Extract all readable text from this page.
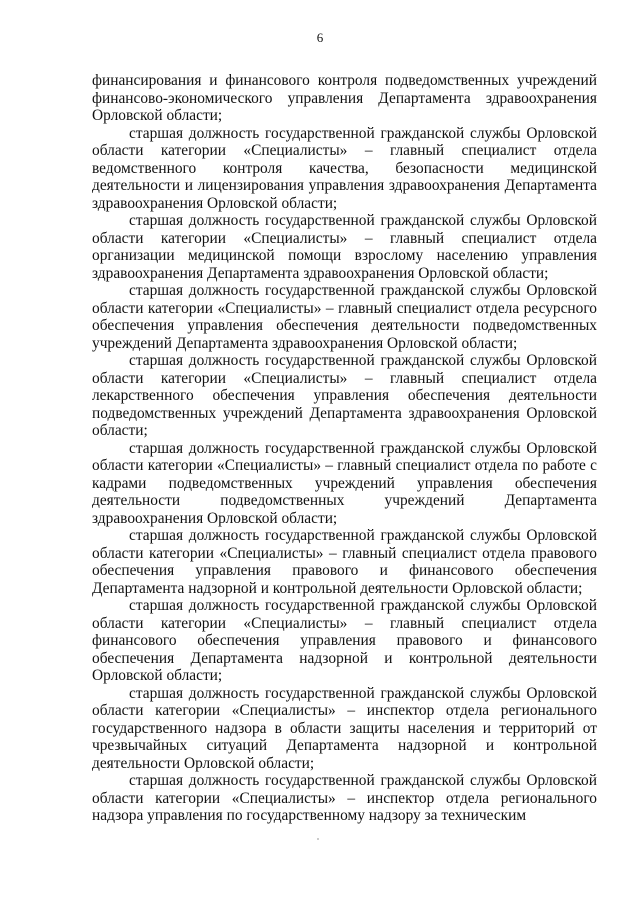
6

финансирования и финансового контроля подведомственных учреждений финансово-экономического управления Департамента здравоохранения Орловской области;

старшая должность государственной гражданской службы Орловской области категории «Специалисты» – главный специалист отдела ведомственного контроля качества, безопасности медицинской деятельности и лицензирования управления здравоохранения Департамента здравоохранения Орловской области;

старшая должность государственной гражданской службы Орловской области категории «Специалисты» – главный специалист отдела организации медицинской помощи взрослому населению управления здравоохранения Департамента здравоохранения Орловской области;

старшая должность государственной гражданской службы Орловской области категории «Специалисты» – главный специалист отдела ресурсного обеспечения управления обеспечения деятельности подведомственных учреждений Департамента здравоохранения Орловской области;

старшая должность государственной гражданской службы Орловской области категории «Специалисты» – главный специалист отдела лекарственного обеспечения управления обеспечения деятельности подведомственных учреждений Департамента здравоохранения Орловской области;

старшая должность государственной гражданской службы Орловской области категории «Специалисты» – главный специалист отдела по работе с кадрами подведомственных учреждений управления обеспечения деятельности подведомственных учреждений Департамента здравоохранения Орловской области;

старшая должность государственной гражданской службы Орловской области категории «Специалисты» – главный специалист отдела правового обеспечения управления правового и финансового обеспечения Департамента надзорной и контрольной деятельности Орловской области;

старшая должность государственной гражданской службы Орловской области категории «Специалисты» – главный специалист отдела финансового обеспечения управления правового и финансового обеспечения Департамента надзорной и контрольной деятельности Орловской области;

старшая должность государственной гражданской службы Орловской области категории «Специалисты» – инспектор отдела регионального государственного надзора в области защиты населения и территорий от чрезвычайных ситуаций Департамента надзорной и контрольной деятельности Орловской области;

старшая должность государственной гражданской службы Орловской области категории «Специалисты» – инспектор отдела регионального надзора управления по государственному надзору за техническим
